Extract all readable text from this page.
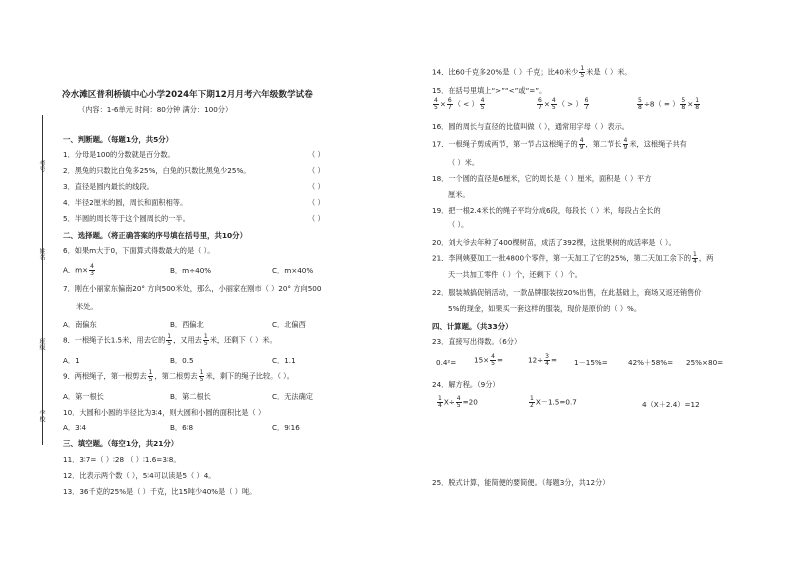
考号
姓名
班级
学校
冷水滩区普利桥镇中心小学2024年下期12月月考六年级数学试卷
（内容：1-6单元 时间：80分钟 满分：100分）
一、判断题。（每题1分，共5分）
1．分母是100的分数就是百分数。	（ ）
2．黑兔的只数比白兔多25%，白兔的只数比黑兔少25%。	（ ）
3．直径是圆内最长的线段。	（ ）
4．半径2厘米的圆，周长和面积相等。	（ ）
5．半圆的周长等于这个圆周长的一半。	（ ）
二、选择题。（将正确答案的序号填在括号里，共10分）
6．如果m大于0，下面算式得数最大的是（ ）。
A．$m\times \frac{4}{3}$	B．m÷40%	C．m×40%
7．刚在小丽家东偏南20° 方向500米处，那么，小丽家在刚市（ ）20° 方向500
米处。
A．南偏东	B．西偏北	C．北偏西
8．一根绳子长1.5米，用去它的 $\frac{1}{5}$ ，又用去 $\frac{1}{5}$ 米，还剩下（ ）米。
A．1	B．0.5	C．1.1
9．两根绳子，第一根剪去 $\frac{1}{5}$ ，第二根剪去 $\frac{1}{5}$ 米，剩下的绳子比较。（ ）。
A．第一根长	B．第二根长	C．无法确定
10．大圆和小圆的半径比为3∶4，则大圆和小圆的面积比是（ ）
A．3∶4	B．6∶8	C．9∶16
三、填空题。（每空1分，共21分）
11．3∶7=（ ）∶28 （ ）∶1.6=3∶8。
12．比表示两个数（ ），5∶4可以读是5（ ）4。
13．36千克的25%是（ ）千克，比15吨少40%是（ ）吨。
14．比60千克多20%是（ ）千克；比40米少 $\frac{1}{5}$ 米是（ ）米。
15．在括号里填上“>”“<”或“=”。
$\frac{4}{5} \times \frac{6}{7}$ （ < ） $\frac{4}{5}$	$\frac{6}{7} \times \frac{4}{5}$ （ > ） $\frac{6}{7}$	$\frac{5}{8} \div 8$（ = ） $\frac{5}{8} \times \frac{1}{8}$
16．圆的周长与直径的比值叫做（ ），通常用字母（ ）表示。
17．一根绳子剪成两节，第一节占这根绳子的 $\frac{4}{9}$ ，第二节长 $\frac{4}{9}$ 米，这根绳子共有
（ ）米。
18．一个圆的直径是6厘米，它的周长是（ ）厘米，面积是（ ）平方
厘米。
19．把一根2.4米长的绳子平均分成6段，每段长（ ）米，每段占全长的
（ ）。
20．刘大爷去年种了400棵树苗，成活了392棵，这批果树的成活率是（ ）。
21．李网姨要加工一批4800个零件，第一天加工了它的25%，第二天加工余下的 $\frac{1}{4}$ ，两
天一共加工零件（ ）个，还剩下（ ）个。
22．服装城搞促销活动，一款品牌服装按20%出售，在此基础上，商场又返还销售价
5%的现金，如果买一套这样的服装，现价是原价的（ ）%。
四、计算题。（共33分）
23．直接写出得数。（6分）
$0.4^2= 15\times \frac{4}{5}$ =	$12\div \frac{3}{4} = 1-15\%=$	42%＋58%= 25%×80=
24．解方程。（9分）
$\frac{1}{4} X\div \frac{4}{5} =20$	$\frac{1}{2} X-1.5=0.7$	4（X＋2.4）=12
25．脱式计算，能简便的要简便。（每题3分，共12分）
